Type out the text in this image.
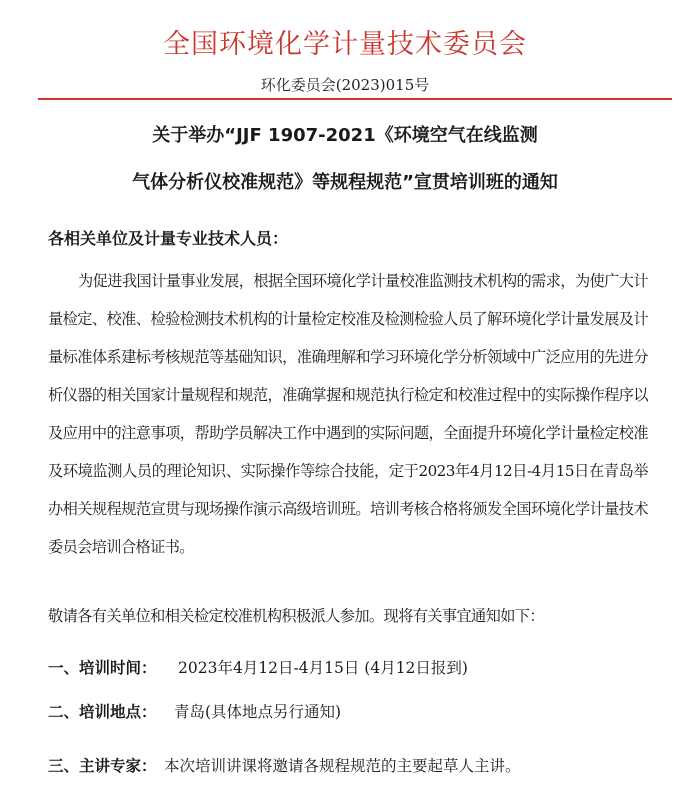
全国环境化学计量技术委员会
环化委员会(2023)015号
关于举办“JJF 1907-2021《环境空气在线监测
气体分析仪校准规范》等规程规范”宣贯培训班的通知
各相关单位及计量专业技术人员：
为促进我国计量事业发展，根据全国环境化学计量校准监测技术机构的需求，为使广大计量检定、校准、检验检测技术机构的计量检定校准及检测检验人员了解环境化学计量发展及计量标准体系建标考核规范等基础知识，准确理解和学习环境化学分析领域中广泛应用的先进分析仪器的相关国家计量规程和规范，准确掌握和规范执行检定和校准过程中的实际操作程序以及应用中的注意事项，帮助学员解决工作中遇到的实际问题，全面提升环境化学计量检定校准及环境监测人员的理论知识、实际操作等综合技能，定于2023年4月12日-4月15日在青岛举办相关规程规范宣贯与现场操作演示高级培训班。培训考核合格将颁发全国环境化学计量技术委员会培训合格证书。
敬请各有关单位和相关检定校准机构积极派人参加。现将有关事宜通知如下：
一、培训时间： 2023年4月12日-4月15日 (4月12日报到)
二、培训地点： 青岛(具体地点另行通知)
三、主讲专家： 本次培训讲课将邀请各规程规范的主要起草人主讲。
